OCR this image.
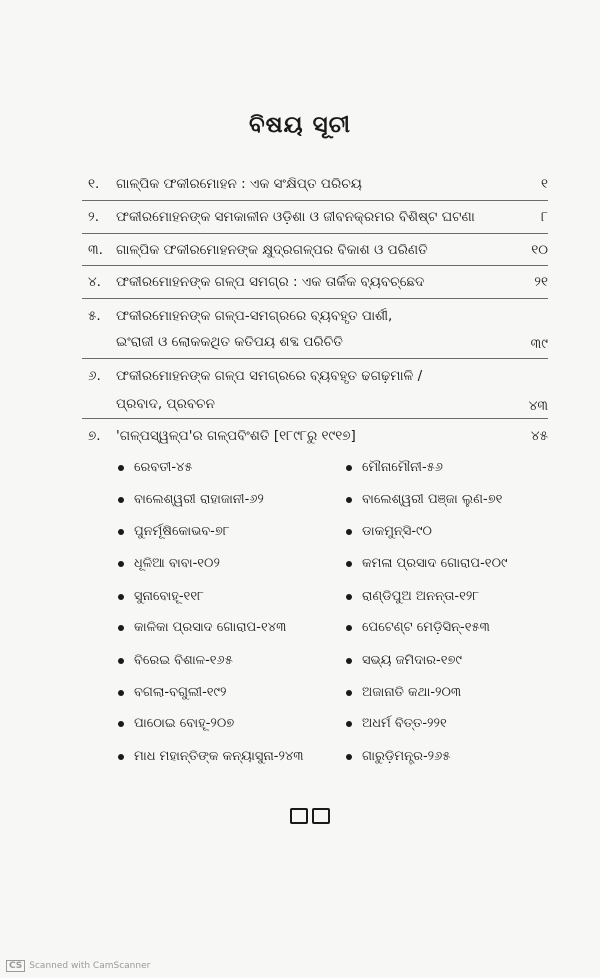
ବିଷୟ ସୂଚୀ
୧. ଗାଳ୍ପିକ ଫକୀରମୋହନ : ଏକ ସଂକ୍ଷିପ୍ତ ପରିଚୟ	୧
୨. ଫକୀରମୋହନଙ୍କ ସମକାଳୀନ ଓଡ଼ିଶା ଓ ଜୀବନକ୍ରମର ବିଶିଷ୍ଟ ଘଟଣା	୮
୩. ଗାଳ୍ପିକ ଫକୀରମୋହନଙ୍କ କ୍ଷୁଦ୍ରଗଳ୍ପର ବିକାଶ ଓ ପରିଣତି	୧୦
୪. ଫକୀରମୋହନଙ୍କ ଗଳ୍ପ ସମଗ୍ର : ଏକ ତାର୍କିକ ବ୍ୟବଚ୍ଛେଦ	୨୧
୫. ଫକୀରମୋହନଙ୍କ ଗଳ୍ପ-ସମଗ୍ରରେ ବ୍ୟବହୃତ ପାର୍ଶୀ,
ଇଂରାଜୀ ଓ ଲୋକକଥିତ କତିପୟ ଶବ୍ଦ ପରିଚିତି	୩୯
୬. ଫକୀରମୋହନଙ୍କ ଗଳ୍ପ ସମଗ୍ରରେ ବ୍ୟବହୃତ ଢଗଢ଼ମାଳି /
ପ୍ରବାଦ, ପ୍ରବଚନ	୪୩
୭. 'ଗଳ୍ପସ୍ୱଳ୍ପ'ର ଗଳ୍ପବିଂଶତି [୧୮୯୮ରୁ ୧୯୧୭]	୪୫
ରେବତୀ-୪୫
ବାଲେଶ୍ୱରୀ ରାହାଜାନୀ-୬୨
ପୁନର୍ମୂଷିକୋଭବ-୭୮
ଧୂଳିଆ ବାବା-୧୦୨
ସୁନାବୋହୂ-୧୧୮
କାଳିକା ପ୍ରସାଦ ଗୋରାପ-୧୪୩
ବିରେଇ ବିଶାଳ-୧୬୫
ବଗଲା-ବଗୁଲୀ-୧୯୨
ପାଠୋଇ ବୋହୂ-୨୦୭
ମାଧ ମହାନ୍ତିଙ୍କ କନ୍ୟାସୁନା-୨୪୩
ମୌନାମୌନୀ-୫୬
ବାଲେଶ୍ୱରୀ ପଞ୍ଜା ଲୁଣ-୭୧
ଡାକମୁନ୍‌ସି-୯୦
କମଳା ପ୍ରସାଦ ଗୋରାପ-୧୦୯
ରାଣ୍ଡିପୁଅ ଅନନ୍ତା-୧୨୮
ପେଟେଣ୍ଟ ମେଡ଼ିସିନ୍-୧୫୩
ସଭ୍ୟ ଜମିଦାର-୧୭୯
ଅଜାନାତି କଥା-୨୦୩
ଅଧର୍ମ ବିତ୍ତ-୨୨୧
ଗାରୁଡ଼ିମନ୍ତ୍ର-୨୬୫
CS Scanned with CamScanner
